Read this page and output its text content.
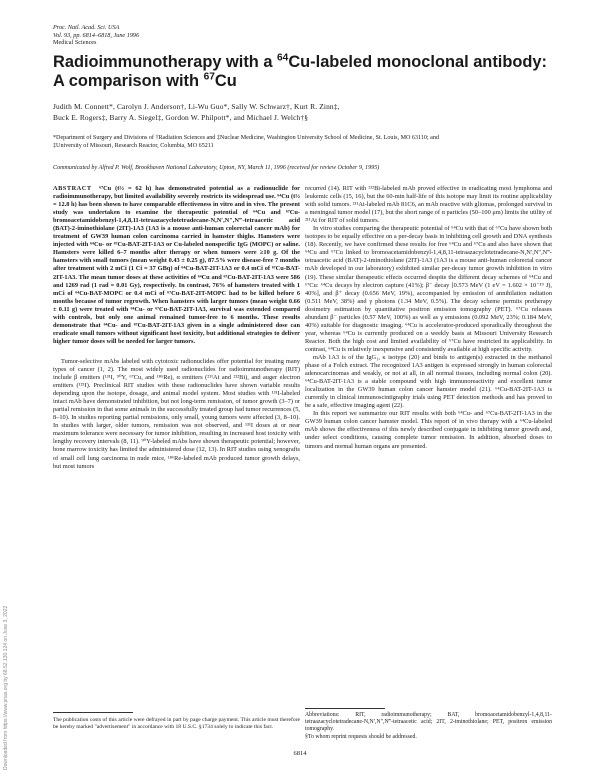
Proc. Natl. Acad. Sci. USA
Vol. 93, pp. 6814–6818, June 1996
Medical Sciences
Radioimmunotherapy with a $^{64}$Cu-labeled monoclonal antibody:
A comparison with $^{67}$Cu
Judith M. Connett*, Carolyn J. Anderson†, Li-Wu Guo*, Sally W. Schwarz†, Kurt R. Zinn‡,
Buck E. Rogers‡, Barry A. Siegel‡, Gordon W. Philpott*, and Michael J. Welch†§
*Department of Surgery and Divisions of †Radiation Sciences and ‡Nuclear Medicine, Washington University School of Medicine, St. Louis, MO 63110; and
‡University of Missouri, Research Reactor, Columbia, MO 65211
Communicated by Alfred P. Wolf, Brookhaven National Laboratory, Upton, NY, March 11, 1996 (received for review October 9, 1995)

ABSTRACT ⁶⁷Cu (t½ = 62 h) has demonstrated potential as a radionuclide for radioimmunotherapy, but limited availability severely restricts its widespread use. ⁶⁴Cu (t½ = 12.8 h) has been shown to have comparable effectiveness in vitro and in vivo. The present study was undertaken to examine the therapeutic potential of ⁶⁴Cu and ⁶⁷Cu-bromoacetamidobenzyl-1,4,8,11-tetraazacyclotetradecane-N,N′,N″,N‴-tetraacetic acid (BAT)-2-iminothiolane (2IT)-1A3 (1A3 is a mouse anti-human colorectal cancer mAb) for treatment of GW39 human colon carcinoma carried in hamster thighs. Hamsters were injected with ⁶⁴Cu- or ⁶⁷Cu-BAT-2IT-1A3 or Cu-labeled nonspecific IgG (MOPC) or saline. Hamsters were killed 6–7 months after therapy or when tumors were ≥10 g. Of the hamsters with small tumors (mean weight 0.43 ± 0.25 g), 87.5% were disease-free 7 months after treatment with 2 mCi (1 Ci = 37 GBq) of ⁶⁴Cu-BAT-2IT-1A3 or 0.4 mCi of ⁶⁷Cu-BAT-2IT-1A3. The mean tumor doses at these activities of ⁶⁴Cu and ⁶⁷Cu-BAT-2IT-1A3 were 586 and 1269 rad (1 rad = 0.01 Gy), respectively. In contrast, 76% of hamsters treated with 1 mCi of ⁶⁴Cu-BAT-MOPC or 0.4 mCi of ⁶⁷Cu-BAT-2IT-MOPC had to be killed before 6 months because of tumor regrowth. When hamsters with larger tumors (mean weight 0.66 ± 0.11 g) were treated with ⁶⁴Cu- or ⁶⁷Cu-BAT-2IT-1A3, survival was extended compared with controls, but only one animal remained tumor-free to 6 months. These results demonstrate that ⁶⁴Cu- and ⁶⁷Cu-BAT-2IT-1A3 given in a single administered dose can eradicate small tumors without significant host toxicity, but additional strategies to deliver higher tumor doses will be needed for larger tumors.

Tumor-selective mAbs labeled with cytotoxic radionuclides offer potential for treating many types of cancer (1, 2). The most widely used radionuclides for radioimmunotherapy (RIT) include β emitters (¹³¹I, ⁹⁰Y, ⁶⁷Cu, and ¹⁸⁶Re), α emitters (²¹¹At and ²¹²Bi), and auger electron emitters (¹²⁵I). Preclinical RIT studies with these radionuclides have shown variable results depending upon the isotope, dosage, and animal model system. Most studies with ¹³¹I-labeled intact mAb have demonstrated inhibition, but not long-term remission, of tumor growth (3–7) or partial remission in that some animals in the successfully treated group had tumor recurrences (5, 8–10). In studies reporting partial remissions, only small, young tumors were affected (3, 8–10). In studies with larger, older tumors, remission was not observed, and ¹³¹I doses at or near maximum tolerance were necessary for tumor inhibition, resulting in increased host toxicity with lengthy recovery intervals (8, 11). ⁹⁰Y-labeled mAbs have shown therapeutic potential; however, bone marrow toxicity has limited the administered dose (12, 13). In RIT studies using xenografts of small cell lung carcinoma in nude mice, ¹⁸⁶Re-labeled mAb produced tumor growth delays, but most tumors

The publication costs of this article were defrayed in part by page charge payment. This article must therefore be hereby marked "advertisement" in accordance with 18 U.S.C. §1734 solely to indicate this fact.

recurred (14). RIT with ²¹²Bi-labeled mAb proved effective in eradicating most lymphoma and leukemic cells (15, 16), but the 60-min half-life of this isotope may limit its routine applicability with solid tumors. ²¹¹At-labeled mAb 81C6, an mAb reactive with gliomas, prolonged survival in a meningeal tumor model (17), but the short range of α particles (50–100 μm) limits the utility of ²¹¹At for RIT of solid tumors.

In vitro studies comparing the therapeutic potential of ⁶⁴Cu with that of ⁶⁷Cu have shown both isotopes to be equally effective on a per-decay basis in inhibiting cell growth and DNA synthesis (18). Recently, we have confirmed these results for free ⁶⁴Cu and ⁶⁷Cu and also have shown that ⁶⁴Cu and ⁶⁷Cu linked to bromoacetamidobenzyl-1,4,8,11-tetraazacyclotetradecane-N,N′,N″,N‴-tetraacetic acid (BAT)-2-iminothiolane (2IT)-1A3 (1A3 is a mouse anti-human colorectal cancer mAb developed in our laboratory) exhibited similar per-decay tumor growth inhibition in vitro (19). These similar therapeutic effects occurred despite the different decay schemes of ⁶⁴Cu and ⁶⁷Cu: ⁶⁴Cu decays by electron capture (41%); β⁻ decay [0.573 MeV (1 eV = 1.602 × 10⁻¹⁹ J), 40%], and β⁺ decay (0.656 MeV, 19%), accompanied by emission of annihilation radiation (0.511 MeV, 38%) and γ photons (1.34 MeV, 0.5%). The decay scheme permits pretherapy dosimetry estimation by quantitative positron emission tomography (PET). ⁶⁷Cu releases abundant β⁻ particles (0.57 MeV, 100%) as well as γ emissions (0.092 MeV, 23%; 0.184 MeV, 40%) suitable for diagnostic imaging. ⁶⁴Cu is accelerator-produced sporadically throughout the year, whereas ⁶⁴Cu is currently produced on a weekly basis at Missouri University Research Reactor. Both the high cost and limited availability of ⁶⁷Cu have restricted its applicability. In contrast, ⁶⁴Cu is relatively inexpensive and consistently available at high specific activity.

mAb 1A3 is of the IgG₁, κ isotype (20) and binds to antigen(s) extracted in the methanol phase of a Folch extract. The recognized 1A3 antigen is expressed strongly in human colorectal adenocarcinomas and weakly, or not at all, in all normal tissues, including normal colon (20). ⁶⁴Cu-BAT-2IT-1A3 is a stable compound with high immunoreactivity and excellent tumor localization in the GW39 human colon cancer hamster model (21). ⁶⁴Cu-BAT-2IT-1A3 is currently in clinical immunoscintigraphy trials using PET detection methods and has proved to be a safe, effective imaging agent (22).

In this report we summarize our RIT results with both ⁶⁴Cu- and ⁶⁷Cu-BAT-2IT-1A3 in the GW39 human colon cancer hamster model. This report of in vivo therapy with a ⁶⁴Cu-labeled mAb shows the effectiveness of this newly described conjugate in inhibiting tumor growth and, under select conditions, causing complete tumor remission. In addition, absorbed doses to tumors and normal human organs are presented.

Abbreviations: RIT, radioimmunotherapy; BAT, bromoacetamidobenzyl-1,4,8,11-tetraazacyclotetradecane-N,N′,N″,N‴-tetraacetic acid; 2IT, 2-iminothiolane; PET, positron emission tomography.

§To whom reprint requests should be addressed.

6814
Downloaded from https://www.pnas.org by 68.52.130.124 on June 3, 2022
